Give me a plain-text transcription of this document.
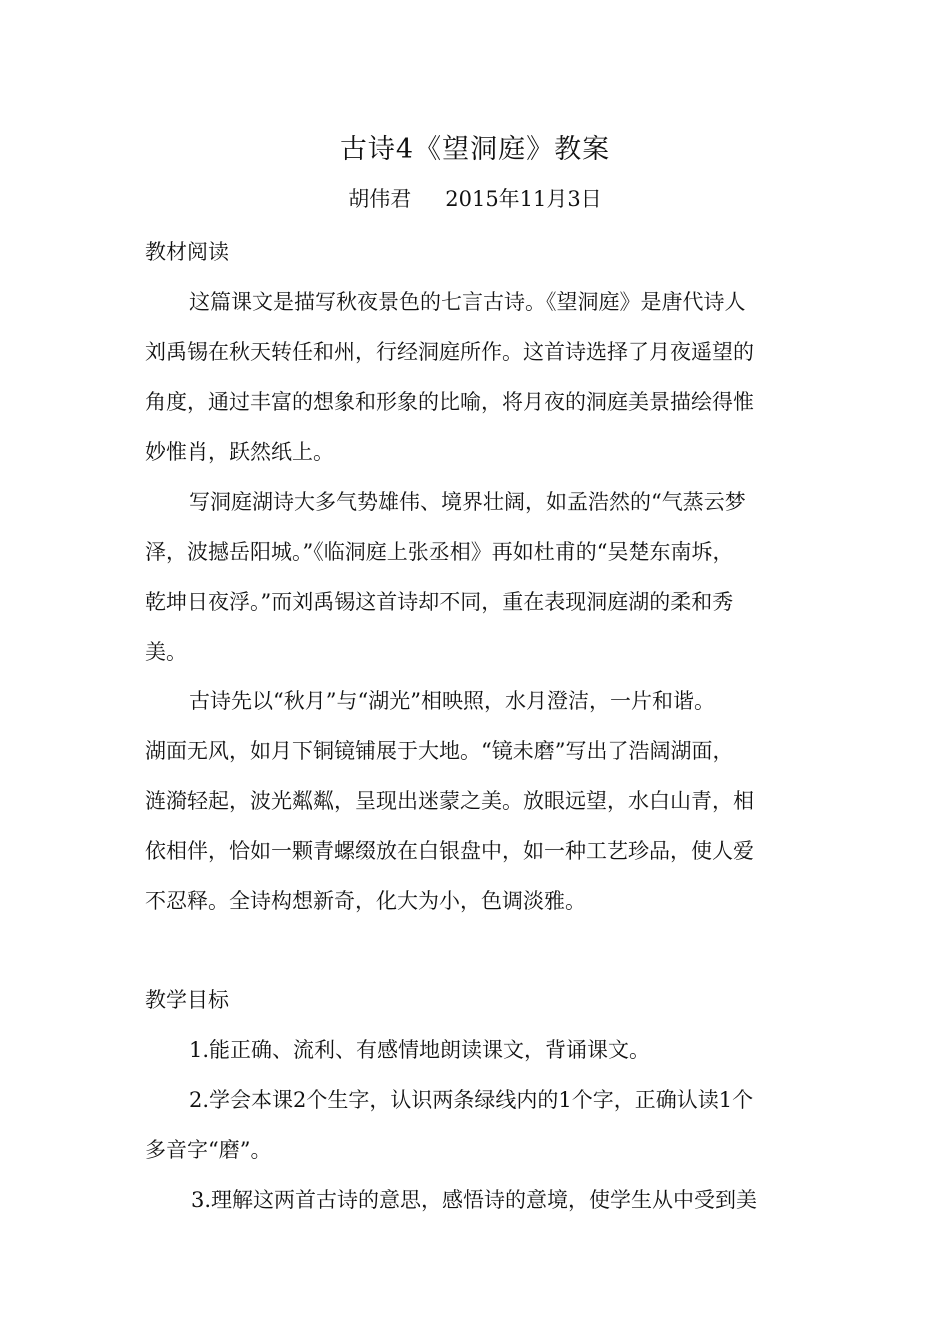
古诗4《望洞庭》教案
胡伟君 2015年11月3日
教材阅读
这篇课文是描写秋夜景色的七言古诗。《望洞庭》是唐代诗人
刘禹锡在秋天转任和州，行经洞庭所作。这首诗选择了月夜遥望的
角度，通过丰富的想象和形象的比喻，将月夜的洞庭美景描绘得惟
妙惟肖，跃然纸上。
写洞庭湖诗大多气势雄伟、境界壮阔，如孟浩然的“气蒸云梦
泽，波撼岳阳城。”《临洞庭上张丞相》再如杜甫的“吴楚东南坼，
乾坤日夜浮。”而刘禹锡这首诗却不同，重在表现洞庭湖的柔和秀
美。
古诗先以“秋月”与“湖光”相映照，水月澄洁，一片和谐。
湖面无风，如月下铜镜铺展于大地。“镜未磨”写出了浩阔湖面，
涟漪轻起，波光粼粼，呈现出迷蒙之美。放眼远望，水白山青，相
依相伴，恰如一颗青螺缀放在白银盘中，如一种工艺珍品，使人爱
不忍释。全诗构想新奇，化大为小，色调淡雅。
教学目标
1.能正确、流利、有感情地朗读课文，背诵课文。
2.学会本课2个生字，认识两条绿线内的1个字，正确认读1个
多音字“磨”。
3.理解这两首古诗的意思，感悟诗的意境，使学生从中受到美
